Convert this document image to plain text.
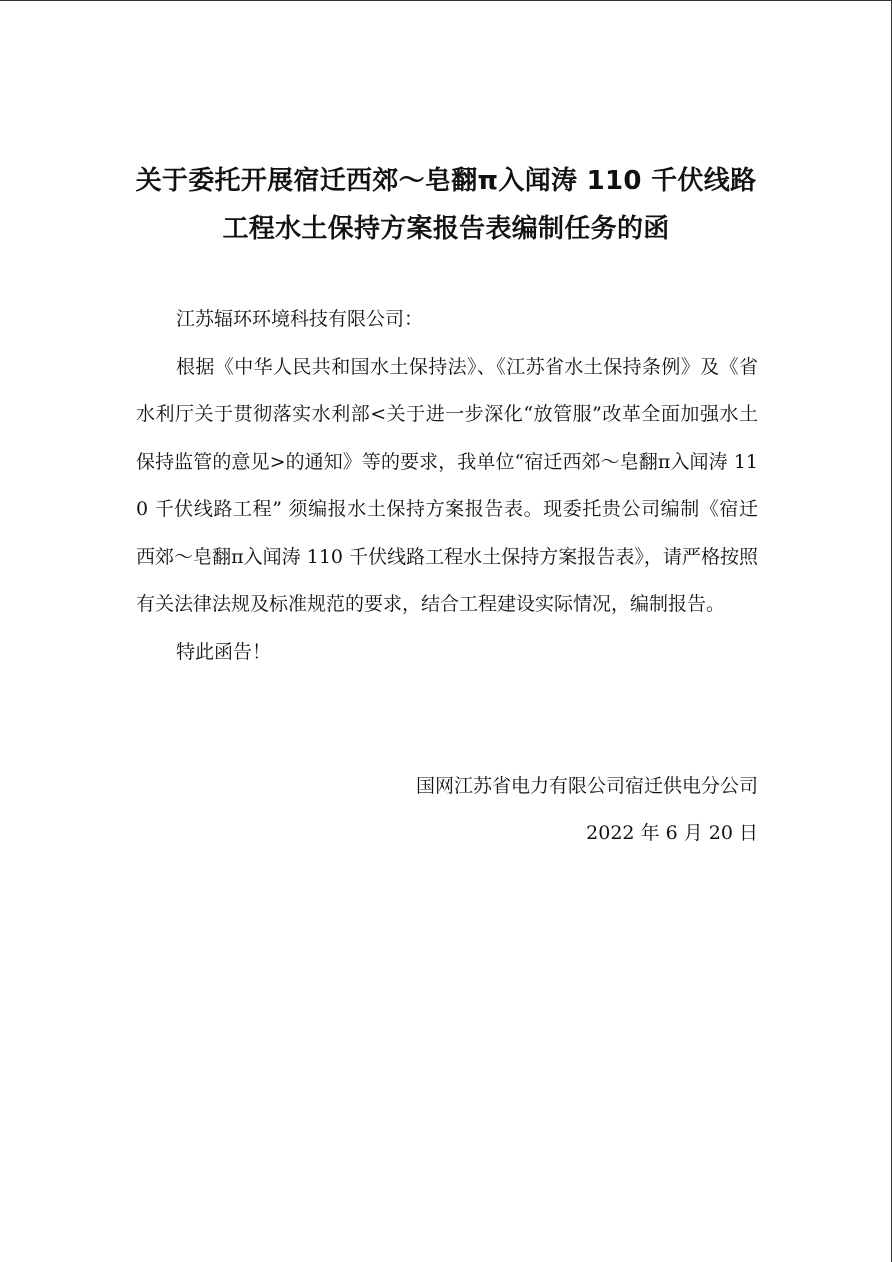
关于委托开展宿迁西郊～皂翻π入闻涛 110 千伏线路
工程水土保持方案报告表编制任务的函

江苏辐环环境科技有限公司：

根据《中华人民共和国水土保持法》、《江苏省水土保持条例》及《省水利厅关于贯彻落实水利部<关于进一步深化“放管服”改革全面加强水土保持监管的意见>的通知》等的要求，我单位“宿迁西郊～皂翻π入闻涛 110 千伏线路工程” 须编报水土保持方案报告表。现委托贵公司编制《宿迁西郊～皂翻π入闻涛 110 千伏线路工程水土保持方案报告表》，请严格按照有关法律法规及标准规范的要求，结合工程建设实际情况，编制报告。

特此函告！

国网江苏省电力有限公司宿迁供电分公司
2022 年 6 月 20 日
